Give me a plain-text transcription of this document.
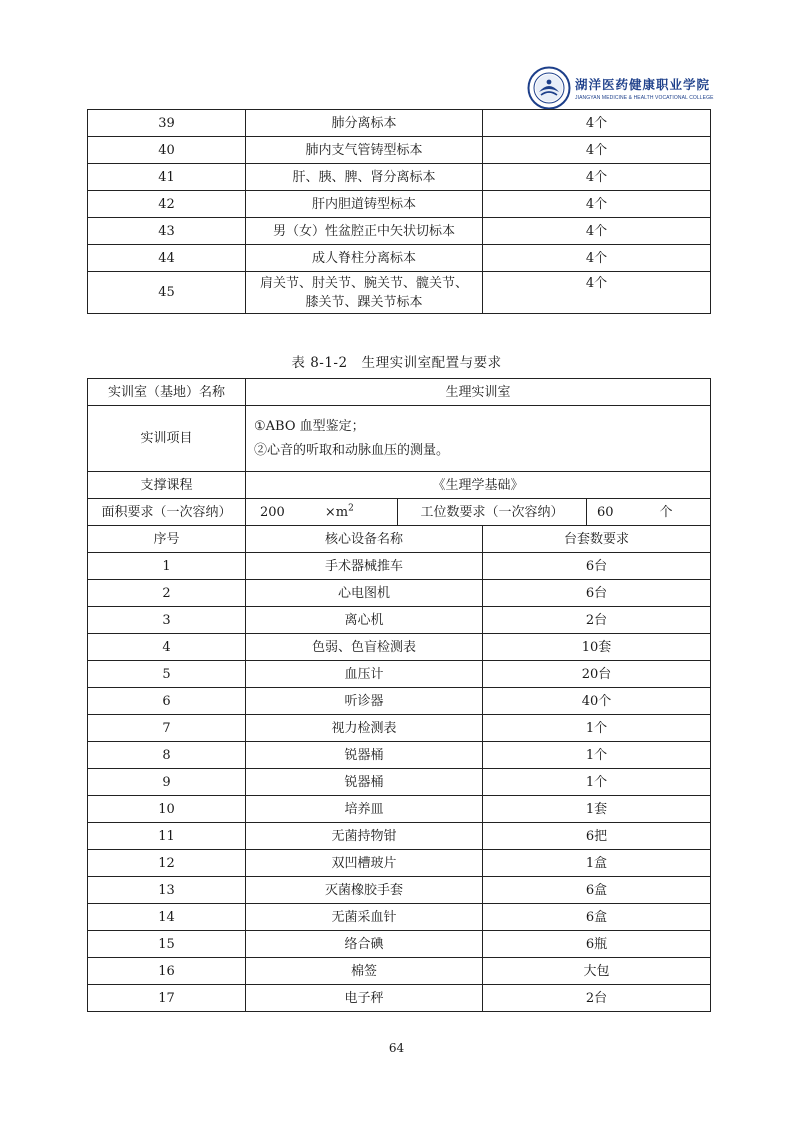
湖洋医药健康职业学院
JIANGYAN MEDICINE & HEALTH VOCATIONAL COLLEGE
39	肺分离标本	4个
40	肺内支气管铸型标本	4个
41	肝、胰、脾、肾分离标本	4个
42	肝内胆道铸型标本	4个
43	男（女）性盆腔正中矢状切标本	4个
44	成人脊柱分离标本	4个
45	肩关节、肘关节、腕关节、髋关节、
膝关节、踝关节标本	4个
表 8-1-2　生理实训室配置与要求
实训室（基地）名称	生理实训室			
实训项目	①ABO 血型鉴定；
②心音的听取和动脉血压的测量。			

支撑课程	《生理学基础》			
面积要求（一次容纳）	$200 \times m^2$	工位数要求（一次容纳）		60 个
序号	核心设备名称		台套数要求	
1	手术器械推车		6台	
2	心电图机		6台	
3	离心机		2台	
4	色弱、色盲检测表		10套	
5	血压计		20台	
6	听诊器		40个	
7	视力检测表		1个	
8	锐器桶		1个	
9	锐器桶		1个	
10	培养皿		1套	
11	无菌持物钳		6把	
12	双凹槽玻片		1盒	
13	灭菌橡胶手套		6盒	
14	无菌采血针		6盒	
15	络合碘		6瓶	
16	棉签		大包	
17	电子秤		2台	
64
